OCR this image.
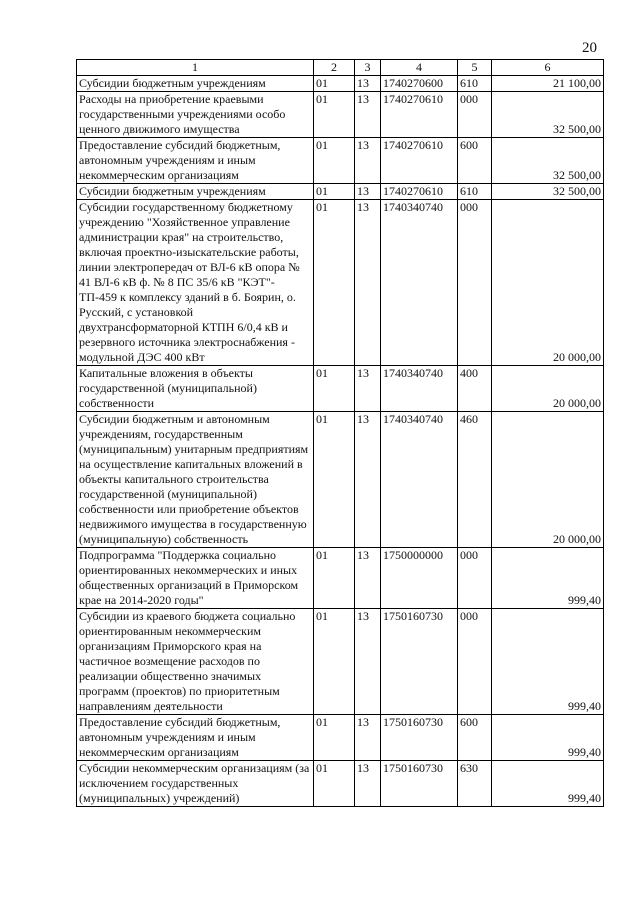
20
1	2	3	4	5	6
Субсидии бюджетным учреждениям	01	13	1740270600	610	21 100,00
Расходы на приобретение краевыми государственными учреждениями особо ценного движимого имущества	01	13	1740270610	000	32 500,00
Предоставление субсидий бюджетным, автономным учреждениям и иным некоммерческим организациям	01	13	1740270610	600	32 500,00
Субсидии бюджетным учреждениям	01	13	1740270610	610	32 500,00
Субсидии государственному бюджетному учреждению "Хозяйственное управление администрации края" на строительство, включая проектно-изыскательские работы, линии электропередач от ВЛ-6 кВ опора № 41 ВЛ-6 кВ ф. № 8 ПС 35/6 кВ "КЭТ"-ТП-459 к комплексу зданий в б. Боярин, о. Русский, с установкой двухтрансформаторной КТПН 6/0,4 кВ и резервного источника электроснабжения - модульной ДЭС 400 кВт	01	13	1740340740	000	20 000,00
Капитальные вложения в объекты государственной (муниципальной) собственности	01	13	1740340740	400	20 000,00
Субсидии бюджетным и автономным учреждениям, государственным (муниципальным) унитарным предприятиям на осуществление капитальных вложений в объекты капитального строительства государственной (муниципальной) собственности или приобретение объектов недвижимого имущества в государственную (муниципальную) собственность	01	13	1740340740	460	20 000,00
Подпрограмма "Поддержка социально ориентированных некоммерческих и иных общественных организаций в Приморском крае на 2014-2020 годы"	01	13	1750000000	000	999,40
Субсидии из краевого бюджета социально ориентированным некоммерческим организациям Приморского края на частичное возмещение расходов по реализации общественно значимых программ (проектов) по приоритетным направлениям деятельности	01	13	1750160730	000	999,40
Предоставление субсидий бюджетным, автономным учреждениям и иным некоммерческим организациям	01	13	1750160730	600	999,40
Субсидии некоммерческим организациям (за исключением государственных (муниципальных) учреждений)	01	13	1750160730	630	999,40
